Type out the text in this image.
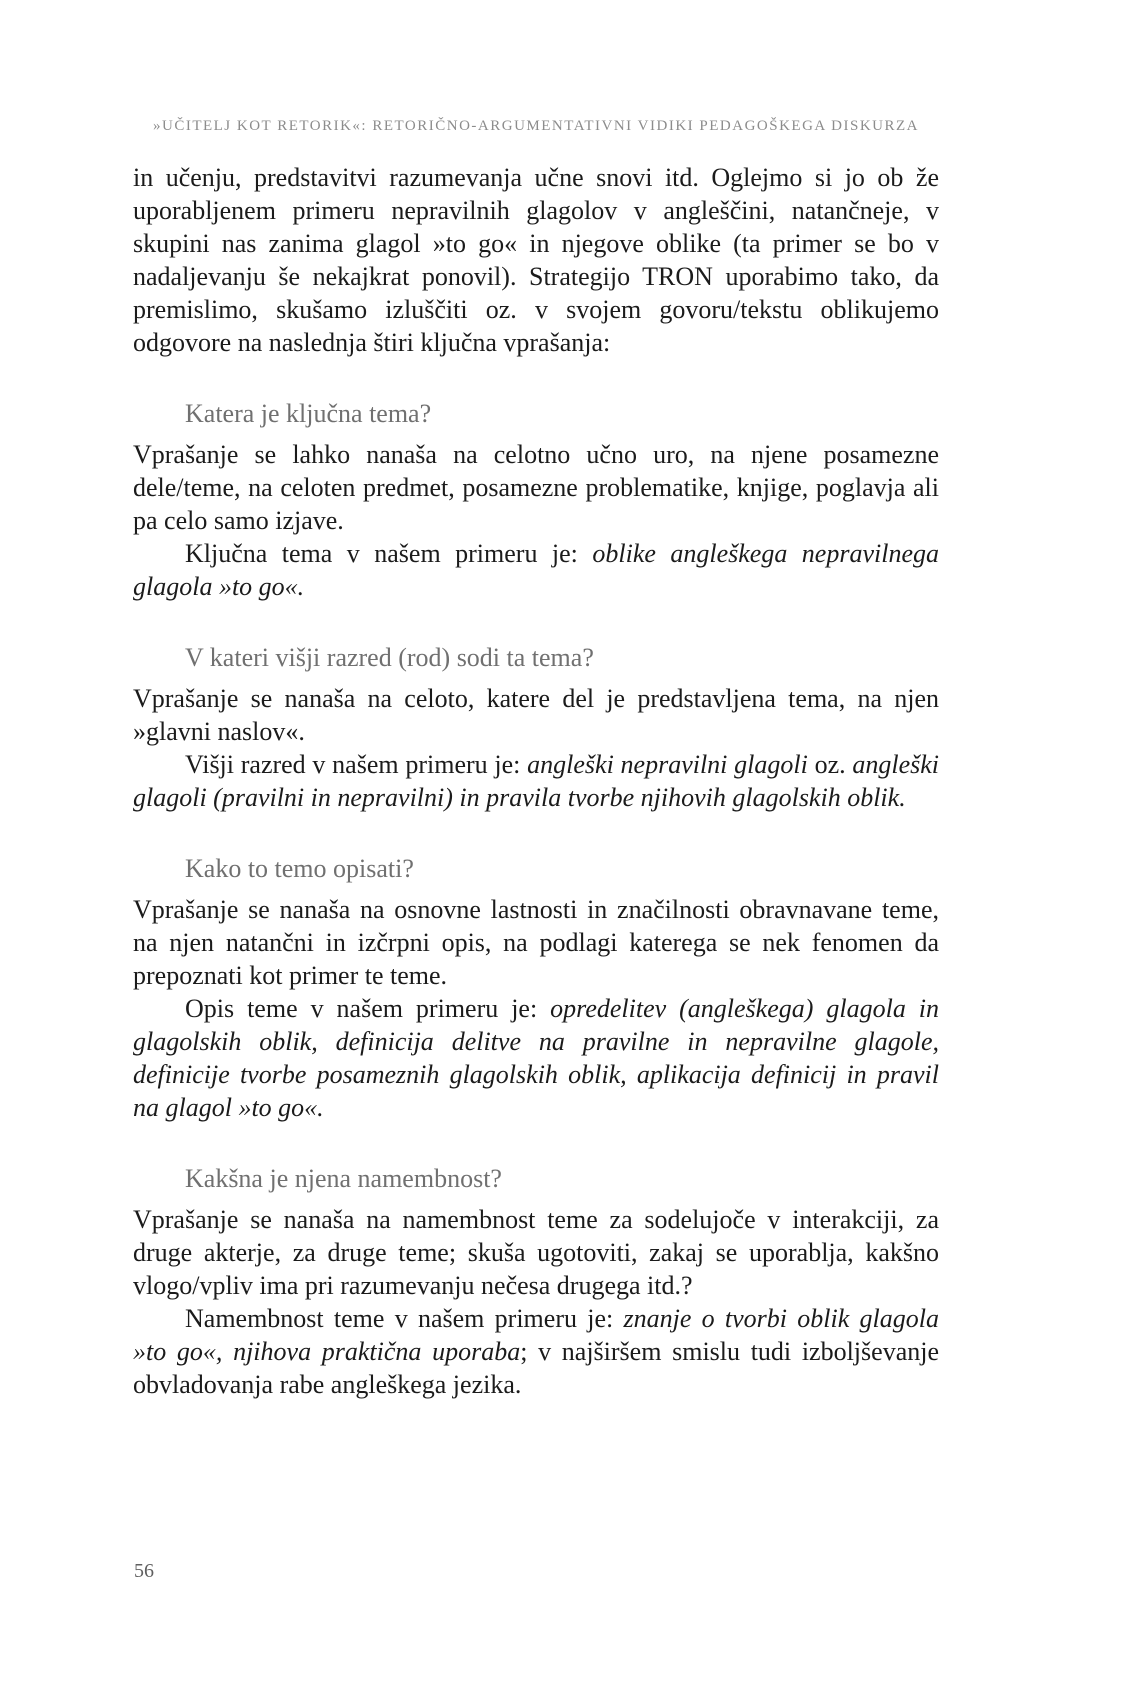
»UČITELJ KOT RETORIK«: RETORIČNO-ARGUMENTATIVNI VIDIKI PEDAGOŠKEGA DISKURZA

in učenju, predstavitvi razumevanja učne snovi itd. Oglejmo si jo ob že uporabljenem primeru nepravilnih glagolov v angleščini, natančneje, v skupini nas zanima glagol »to go« in njegove oblike (ta primer se bo v nadaljevanju še nekajkrat ponovil). Strategijo TRON uporabimo tako, da premislimo, skušamo izluščiti oz. v svojem govoru/tekstu oblikujemo odgovore na naslednja štiri ključna vprašanja:

Katera je ključna tema?

Vprašanje se lahko nanaša na celotno učno uro, na njene posamezne dele/teme, na celoten predmet, posamezne problematike, knjige, poglavja ali pa celo samo izjave.

Ključna tema v našem primeru je: oblike angleškega nepravilnega glagola »to go«.

V kateri višji razred (rod) sodi ta tema?

Vprašanje se nanaša na celoto, katere del je predstavljena tema, na njen »glavni naslov«.

Višji razred v našem primeru je: angleški nepravilni glagoli oz. angleški glagoli (pravilni in nepravilni) in pravila tvorbe njihovih glagolskih oblik.

Kako to temo opisati?

Vprašanje se nanaša na osnovne lastnosti in značilnosti obravnavane teme, na njen natančni in izčrpni opis, na podlagi katerega se nek fenomen da prepoznati kot primer te teme.

Opis teme v našem primeru je: opredelitev (angleškega) glagola in glagolskih oblik, definicija delitve na pravilne in nepravilne glagole, definicije tvorbe posameznih glagolskih oblik, aplikacija definicij in pravil na glagol »to go«.

Kakšna je njena namembnost?

Vprašanje se nanaša na namembnost teme za sodelujoče v interakciji, za druge akterje, za druge teme; skuša ugotoviti, zakaj se uporablja, kakšno vlogo/vpliv ima pri razumevanju nečesa drugega itd.?

Namembnost teme v našem primeru je: znanje o tvorbi oblik glagola »to go«, njihova praktična uporaba; v najširšem smislu tudi izboljševanje obvladovanja rabe angleškega jezika.

56
